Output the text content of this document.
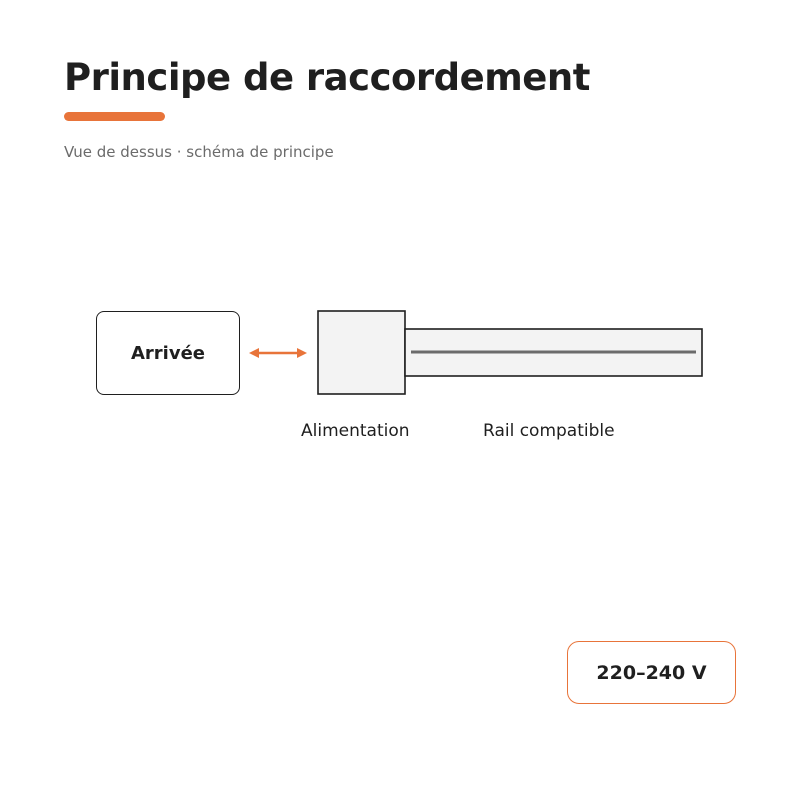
Principe de raccordement
Vue de dessus · schéma de principe
Arrivée
Alimentation	Rail compatible
220–240 V
